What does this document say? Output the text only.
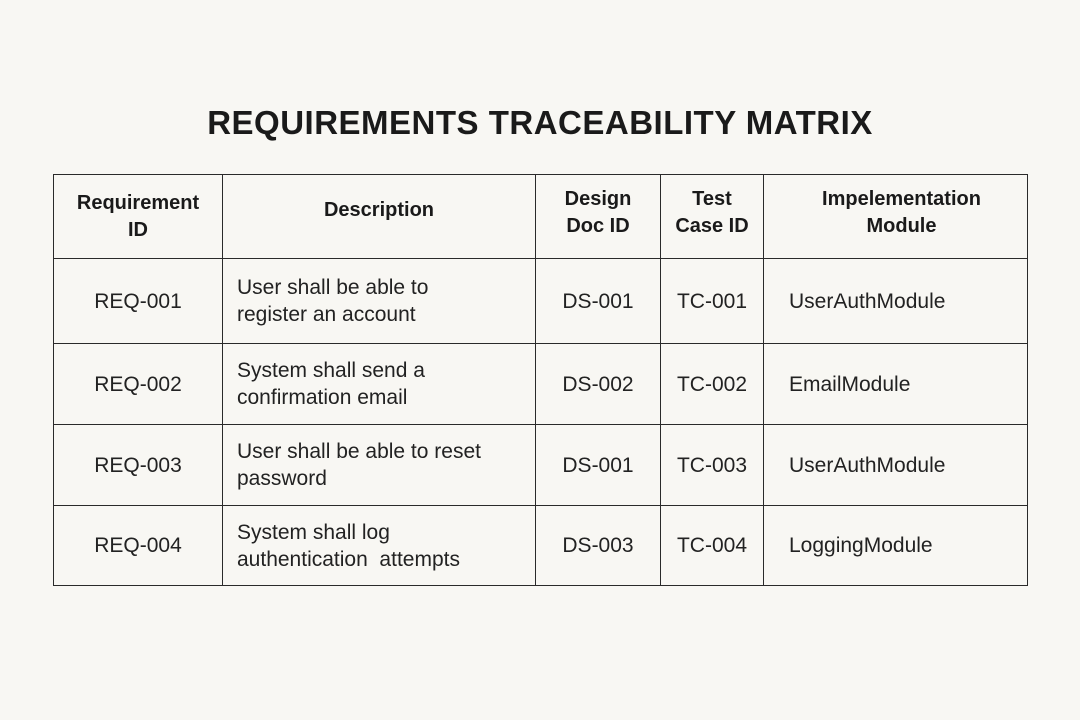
REQUIREMENTS TRACEABILITY MATRIX
Requirement ID	Description	Design Doc ID	Test Case ID	Impelementation Module

REQ-001	User shall be able to register an account	DS-001	TC-001	UserAuthModule
REQ-002	System shall send a confirmation email	DS-002	TC-002	EmailModule
REQ-003	User shall be able to reset password	DS-001	TC-003	UserAuthModule
REQ-004	System shall log authentication  attempts	DS-003	TC-004	LoggingModule
